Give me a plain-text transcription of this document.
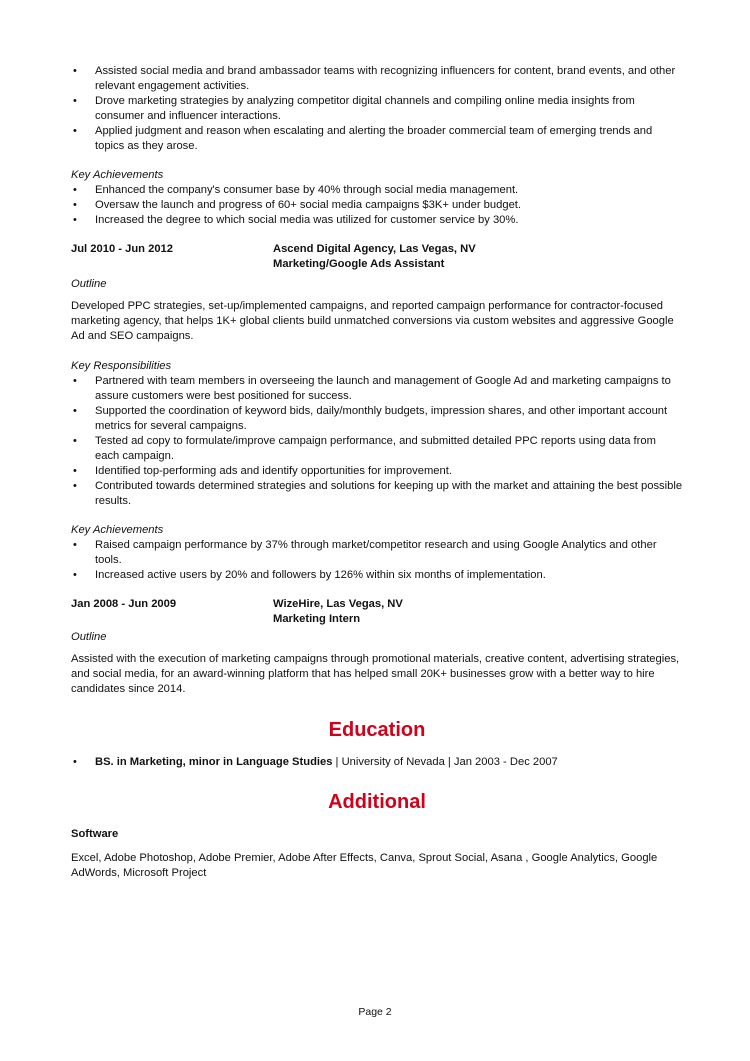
• Assisted social media and brand ambassador teams with recognizing influencers for content, brand events, and other relevant engagement activities.
• Drove marketing strategies by analyzing competitor digital channels and compiling online media insights from consumer and influencer interactions.
• Applied judgment and reason when escalating and alerting the broader commercial team of emerging trends and topics as they arose.
Key Achievements
• Enhanced the company's consumer base by 40% through social media management.
• Oversaw the launch and progress of 60+ social media campaigns $3K+ under budget.
• Increased the degree to which social media was utilized for customer service by 30%.
Jul 2010 - Jun 2012	Ascend Digital Agency, Las Vegas, NV
Marketing/Google Ads Assistant
Outline

Developed PPC strategies, set-up/implemented campaigns, and reported campaign performance for contractor-focused marketing agency, that helps 1K+ global clients build unmatched conversions via custom websites and aggressive Google Ad and SEO campaigns.

Key Responsibilities
• Partnered with team members in overseeing the launch and management of Google Ad and marketing campaigns to assure customers were best positioned for success.
• Supported the coordination of keyword bids, daily/monthly budgets, impression shares, and other important account metrics for several campaigns.
• Tested ad copy to formulate/improve campaign performance, and submitted detailed PPC reports using data from each campaign.
• Identified top-performing ads and identify opportunities for improvement.
• Contributed towards determined strategies and solutions for keeping up with the market and attaining the best possible results.
Key Achievements
• Raised campaign performance by 37% through market/competitor research and using Google Analytics and other tools.
• Increased active users by 20% and followers by 126% within six months of implementation.
Jan 2008 - Jun 2009	WizeHire, Las Vegas, NV
Marketing Intern
Outline

Assisted with the execution of marketing campaigns through promotional materials, creative content, advertising strategies, and social media, for an award-winning platform that has helped small 20K+ businesses grow with a better way to hire candidates since 2014.

Education
• BS. in Marketing, minor in Language Studies | University of Nevada | Jan 2003 - Dec 2007
Additional
Software

Excel, Adobe Photoshop, Adobe Premier, Adobe After Effects, Canva, Sprout Social, Asana , Google Analytics, Google AdWords, Microsoft Project

Page 2
